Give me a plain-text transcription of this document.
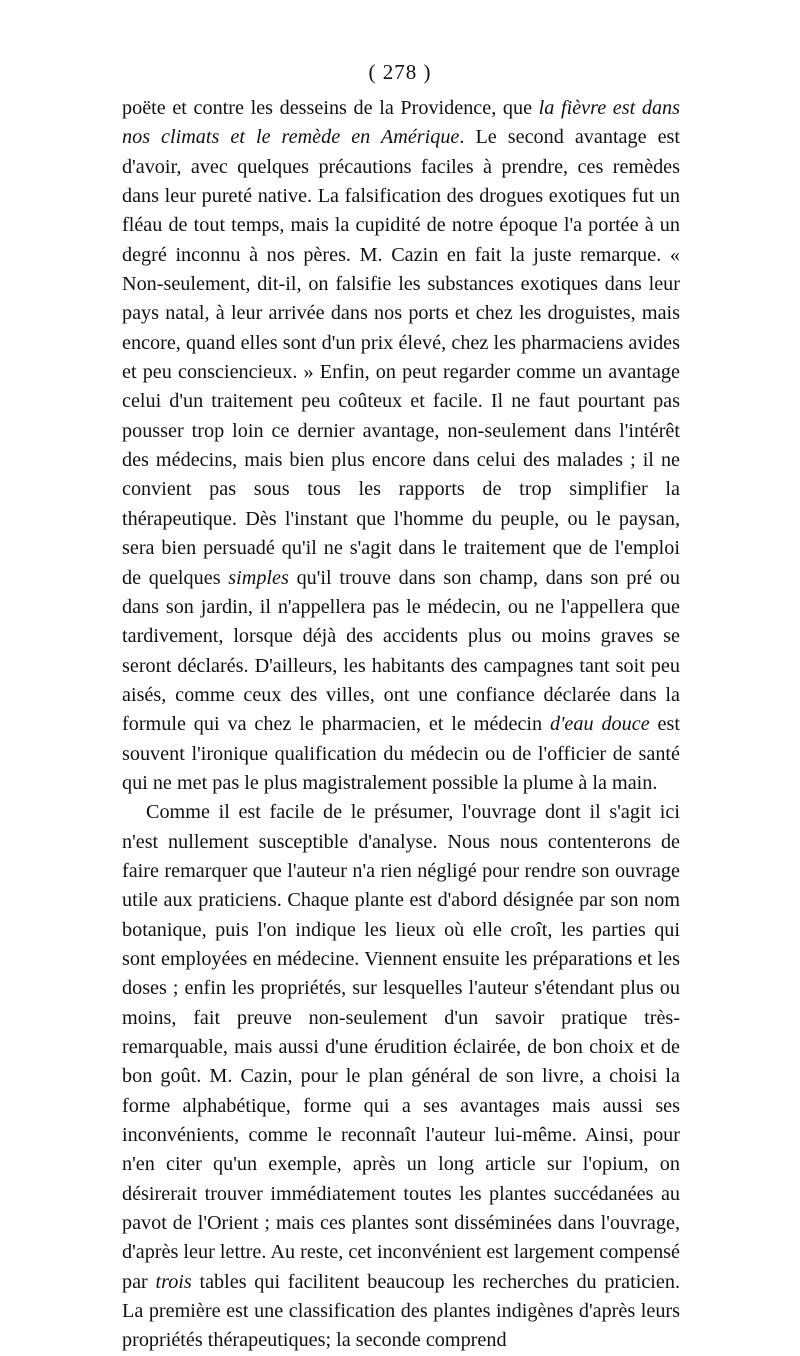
( 278 )

poëte et contre les desseins de la Providence, que la fièvre est dans nos climats et le remède en Amérique. Le second avantage est d'avoir, avec quelques précautions faciles à prendre, ces remèdes dans leur pureté native. La falsification des drogues exotiques fut un fléau de tout temps, mais la cupidité de notre époque l'a portée à un degré inconnu à nos pères. M. Cazin en fait la juste remarque. « Non-seulement, dit-il, on falsifie les substances exotiques dans leur pays natal, à leur arrivée dans nos ports et chez les droguistes, mais encore, quand elles sont d'un prix élevé, chez les pharmaciens avides et peu consciencieux. » Enfin, on peut regarder comme un avantage celui d'un traitement peu coûteux et facile. Il ne faut pourtant pas pousser trop loin ce dernier avantage, non-seulement dans l'intérêt des médecins, mais bien plus encore dans celui des malades ; il ne convient pas sous tous les rapports de trop simplifier la thérapeutique. Dès l'instant que l'homme du peuple, ou le paysan, sera bien persuadé qu'il ne s'agit dans le traitement que de l'emploi de quelques simples qu'il trouve dans son champ, dans son pré ou dans son jardin, il n'appellera pas le médecin, ou ne l'appellera que tardivement, lorsque déjà des accidents plus ou moins graves se seront déclarés. D'ailleurs, les habitants des campagnes tant soit peu aisés, comme ceux des villes, ont une confiance déclarée dans la formule qui va chez le pharmacien, et le médecin d'eau douce est souvent l'ironique qualification du médecin ou de l'officier de santé qui ne met pas le plus magistralement possible la plume à la main.

Comme il est facile de le présumer, l'ouvrage dont il s'agit ici n'est nullement susceptible d'analyse. Nous nous contenterons de faire remarquer que l'auteur n'a rien négligé pour rendre son ouvrage utile aux praticiens. Chaque plante est d'abord désignée par son nom botanique, puis l'on indique les lieux où elle croît, les parties qui sont employées en médecine. Viennent ensuite les préparations et les doses ; enfin les propriétés, sur lesquelles l'auteur s'étendant plus ou moins, fait preuve non-seulement d'un savoir pratique très-remarquable, mais aussi d'une érudition éclairée, de bon choix et de bon goût. M. Cazin, pour le plan général de son livre, a choisi la forme alphabétique, forme qui a ses avantages mais aussi ses inconvénients, comme le reconnaît l'auteur lui-même. Ainsi, pour n'en citer qu'un exemple, après un long article sur l'opium, on désirerait trouver immédiatement toutes les plantes succédanées au pavot de l'Orient ; mais ces plantes sont disséminées dans l'ouvrage, d'après leur lettre. Au reste, cet inconvénient est largement compensé par trois tables qui facilitent beaucoup les recherches du praticien. La première est une classification des plantes indigènes d'après leurs propriétés thérapeutiques; la seconde comprend
